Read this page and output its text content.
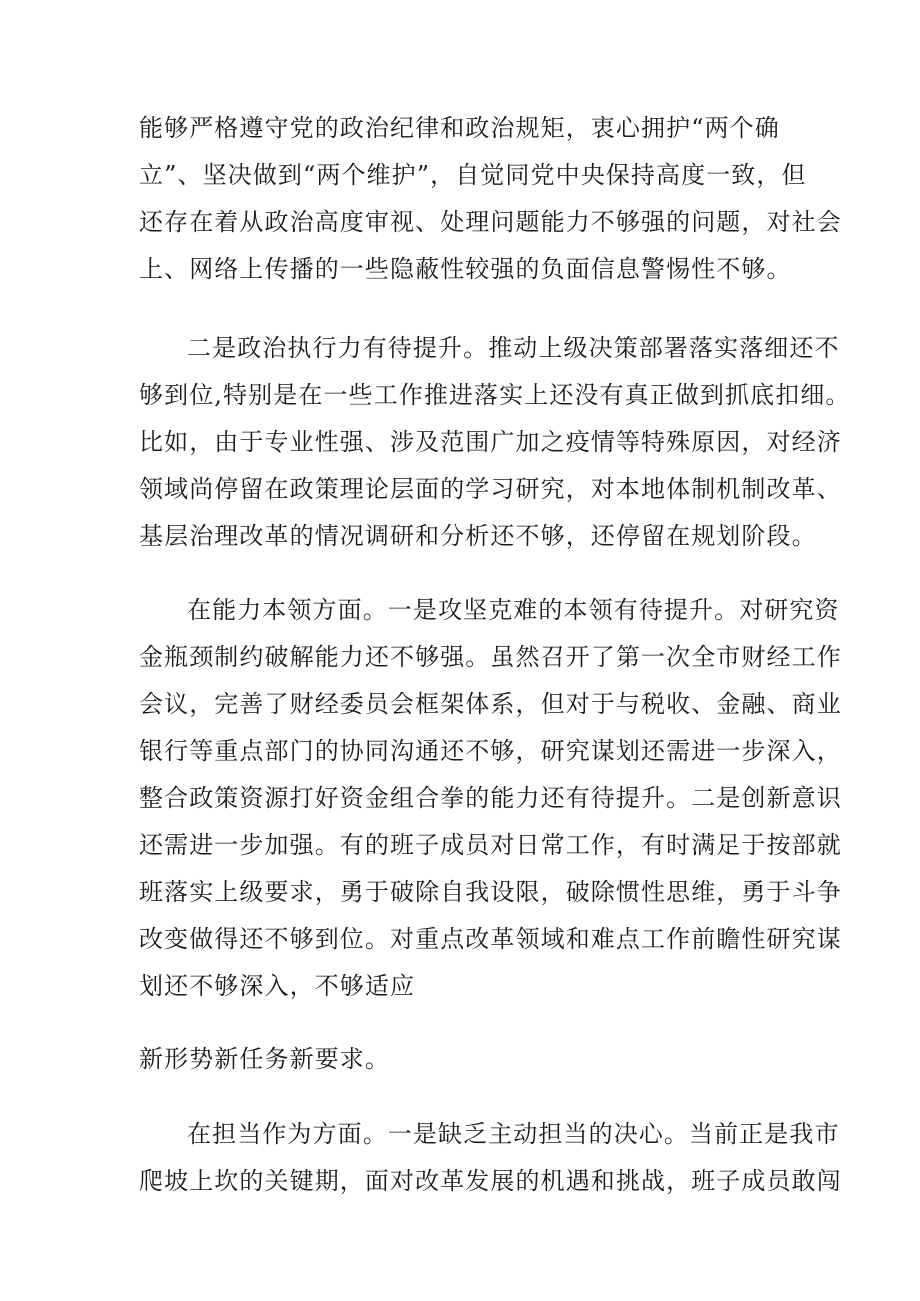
能够严格遵守党的政治纪律和政治规矩，衷心拥护“两个确
立”、坚决做到“两个维护”，自觉同党中央保持高度一致，但
还存在着从政治高度审视、处理问题能力不够强的问题，对社会
上、网络上传播的一些隐蔽性较强的负面信息警惕性不够。
二是政治执行力有待提升。推动上级决策部署落实落细还不
够到位,特别是在一些工作推进落实上还没有真正做到抓底扣细。
比如，由于专业性强、涉及范围广加之疫情等特殊原因，对经济
领域尚停留在政策理论层面的学习研究，对本地体制机制改革、
基层治理改革的情况调研和分析还不够，还停留在规划阶段。
在能力本领方面。一是攻坚克难的本领有待提升。对研究资
金瓶颈制约破解能力还不够强。虽然召开了第一次全市财经工作
会议，完善了财经委员会框架体系，但对于与税收、金融、商业
银行等重点部门的协同沟通还不够，研究谋划还需进一步深入，
整合政策资源打好资金组合拳的能力还有待提升。二是创新意识
还需进一步加强。有的班子成员对日常工作，有时满足于按部就
班落实上级要求，勇于破除自我设限，破除惯性思维，勇于斗争
改变做得还不够到位。对重点改革领域和难点工作前瞻性研究谋
划还不够深入，不够适应
新形势新任务新要求。
在担当作为方面。一是缺乏主动担当的决心。当前正是我市
爬坡上坎的关键期，面对改革发展的机遇和挑战，班子成员敢闯
